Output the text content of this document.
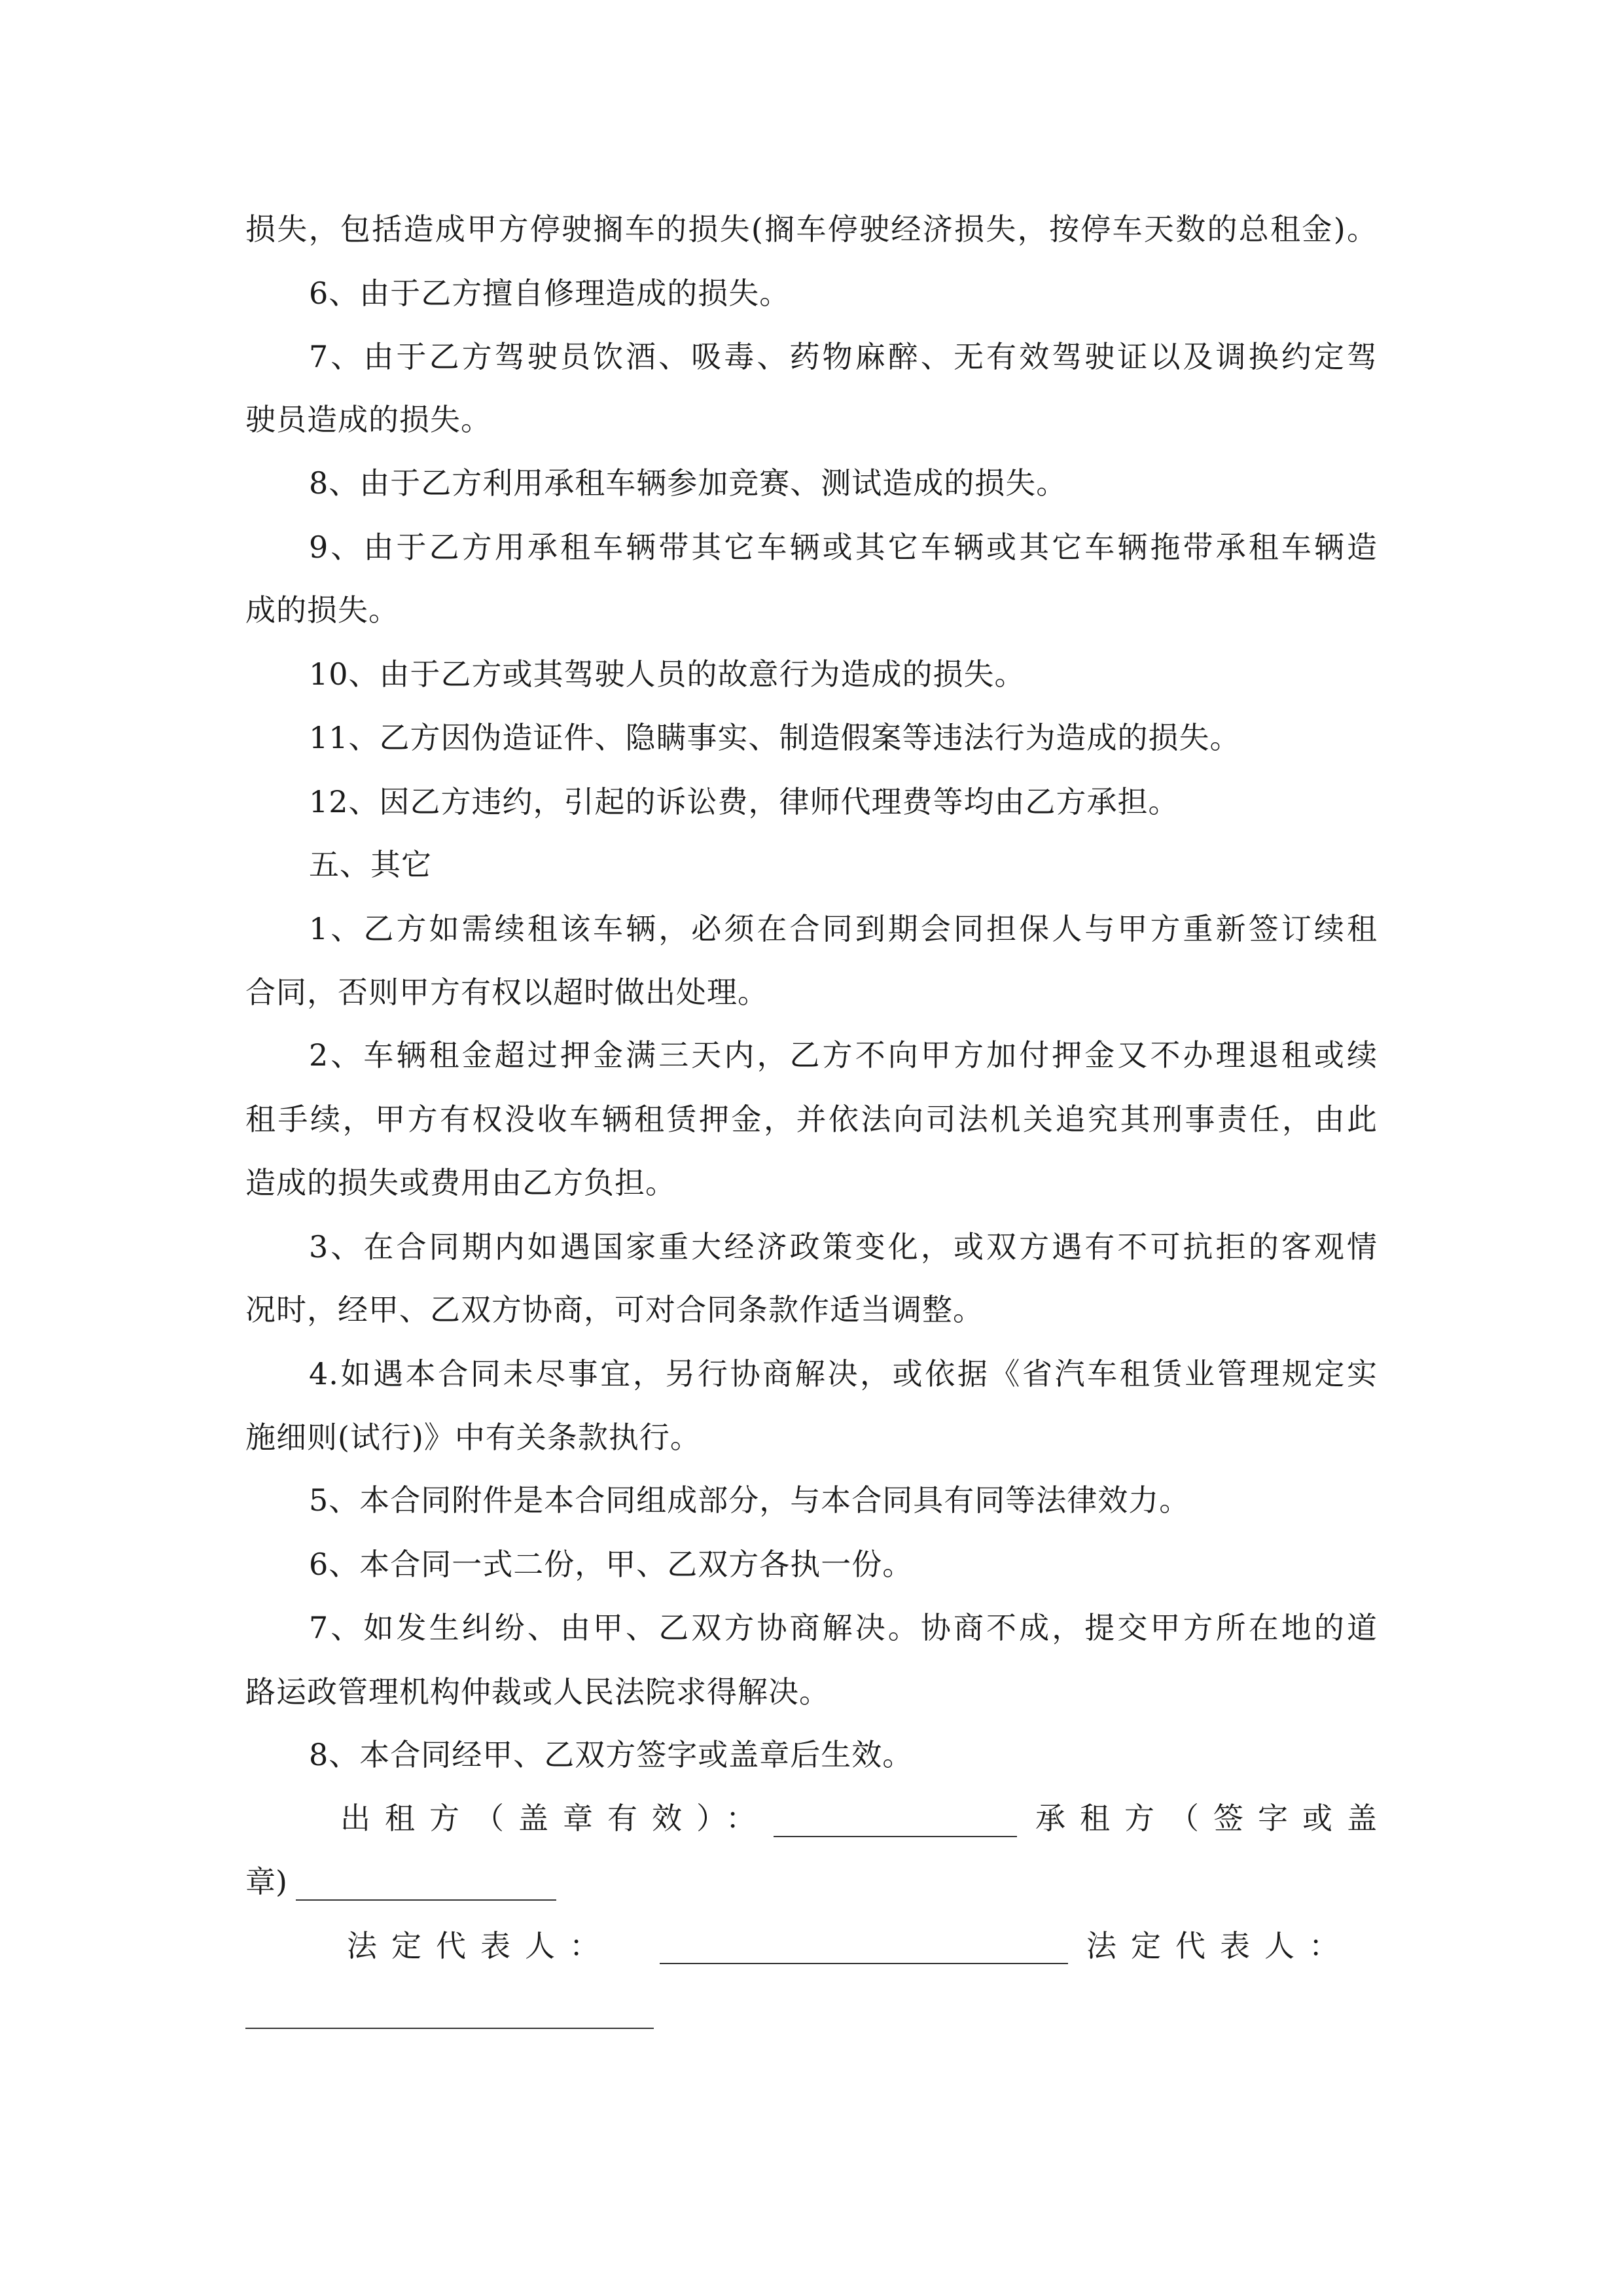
损失，包括造成甲方停驶搁车的损失(搁车停驶经济损失，按停车天数的总租金)。
6、由于乙方擅自修理造成的损失。
7、由于乙方驾驶员饮酒、吸毒、药物麻醉、无有效驾驶证以及调换约定驾
驶员造成的损失。
8、由于乙方利用承租车辆参加竞赛、测试造成的损失。
9、由于乙方用承租车辆带其它车辆或其它车辆或其它车辆拖带承租车辆造
成的损失。
10、由于乙方或其驾驶人员的故意行为造成的损失。
11、乙方因伪造证件、隐瞒事实、制造假案等违法行为造成的损失。
12、因乙方违约，引起的诉讼费，律师代理费等均由乙方承担。
五、其它
1、乙方如需续租该车辆，必须在合同到期会同担保人与甲方重新签订续租
合同，否则甲方有权以超时做出处理。
2、车辆租金超过押金满三天内，乙方不向甲方加付押金又不办理退租或续
租手续，甲方有权没收车辆租赁押金，并依法向司法机关追究其刑事责任，由此
造成的损失或费用由乙方负担。
3、在合同期内如遇国家重大经济政策变化，或双方遇有不可抗拒的客观情
况时，经甲、乙双方协商，可对合同条款作适当调整。
4.如遇本合同未尽事宜，另行协商解决，或依据《省汽车租赁业管理规定实
施细则(试行)》中有关条款执行。
5、本合同附件是本合同组成部分，与本合同具有同等法律效力。
6、本合同一式二份，甲、乙双方各执一份。
7、如发生纠纷、由甲、乙双方协商解决。协商不成，提交甲方所在地的道
路运政管理机构仲裁或人民法院求得解决。
8、本合同经甲、乙双方签字或盖章后生效。
出租方（盖章有效）：	承租方（签字或盖
章)
法定代表人：	法定代表人：
